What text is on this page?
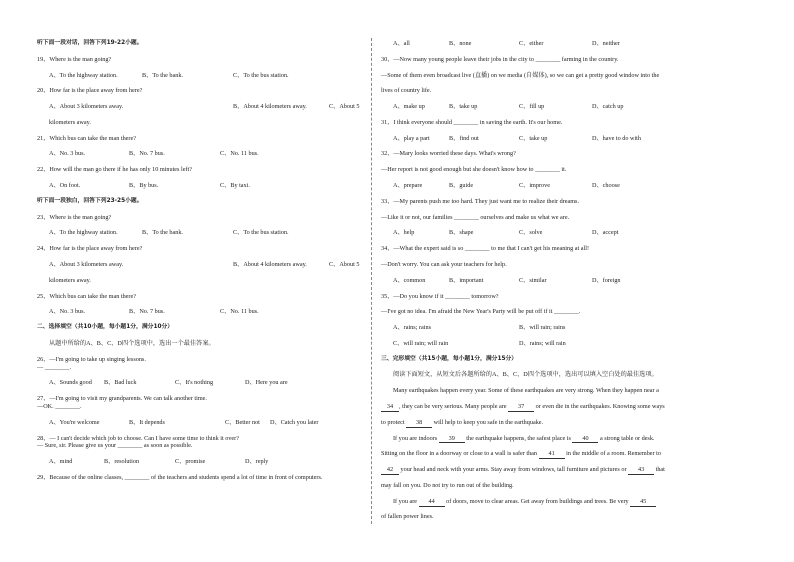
听下面一段对话，回答下列19-22小题。
19、Where is the man going?
A、To the highway station.	B、To the bank.	C、To the bus station.
20、How far is the place away from here?
A、About 3 kilometers away.	B、About 4 kilometers away.	C、About 5
kilometers away.
21、Which bus can take the man there?
A、No. 3 bus.	B、No. 7 bus.	C、No. 11 bus.
22、How will the man go there if he has only 10 minutes left?
A、On foot.	B、By bus.	C、By taxi.
听下面一段独白，回答下列23-25小题。
23、Where is the man going?
A、To the highway station.	B、To the bank.	C、To the bus station.
24、How far is the place away from here?
A、About 3 kilometers away.	B、About 4 kilometers away.	C、About 5
kilometers away.
25、Which bus can take the man there?
A、No. 3 bus.	B、No. 7 bus.	C、No. 11 bus.
二、选择填空（共10小题，每小题1分，满分10分）
从题中所给的A、B、C、D四个选项中，选出一个最佳答案。
26、—I'm going to take up singing lessons.
— ________.
A、Sounds good B、Bad luck	C、It's nothing	D、Here you are
27、—I'm going to visit my grandparents. We can talk another time.
—OK. ________.
A、You're welcome	B、It depends	C、Better not D、Catch you later
28、— I can't decide which job to choose. Can I have some time to think it over?
— Sure, sir. Please give us your ________ as soon as possible.
A、mind	B、resolution	C、promise	D、reply
29、Because of the online classes, ________ of the teachers and students spend a lot of time in front of computers.
A、all	B、none	C、either	D、neither
30、—Now many young people leave their jobs in the city to ________ farming in the country.
—Some of them even broadcast live (直播) on we media (自媒体), so we can get a pretty good window into the
lives of country life.
A、make up	B、take up	C、fill up	D、catch up
31、I think everyone should ________ in saving the earth. It's our home.
A、play a part	B、find out	C、take up	D、have to do with
32、—Mary looks worried these days. What's wrong?
—Her report is not good enough but she doesn't know how to ________ it.
A、prepare	B、guide	C、improve	D、choose
33、—My parents push me too hard. They just want me to realize their dreams.
—Like it or not, our families ________ ourselves and make us what we are.
A、help	B、shape	C、solve	D、accept
34、—What the expert said is so ________ to me that I can't get his meaning at all!
—Don't worry. You can ask your teachers for help.
A、common	B、important	C、similar	D、foreign
35、—Do you know if it ________ tomorrow?
—I've got no idea. I'm afraid the New Year's Party will be put off if it ________.
A、rains; rains	B、will rain; rains
C、will rain; will rain	D、rains; will rain
三、完形填空（共15小题，每小题1分，满分15分）
阅读下面短文，从短文后各题所给的A、B、C、D四个选项中，选出可以填入空白处的最佳选项。
Many earthquakes happen every year. Some of these earthquakes are very strong. When they happen near a
34 , they can be very serious. Many people are 37 or even die in the earthquakes. Knowing some ways
to protect 38 will help to keep you safe in the earthquake.
If you are indoors 39 the earthquake happens, the safest place is 40 a strong table or desk.
Sitting on the floor in a doorway or close to a wall is safer than 41 in the middle of a room. Remember to
42 your head and neck with your arms. Stay away from windows, tall furniture and pictures or 43 that
may fall on you. Do not try to run out of the building.
If you are 44 of doors, move to clear areas. Get away from buildings and trees. Be very 45
of fallen power lines.
